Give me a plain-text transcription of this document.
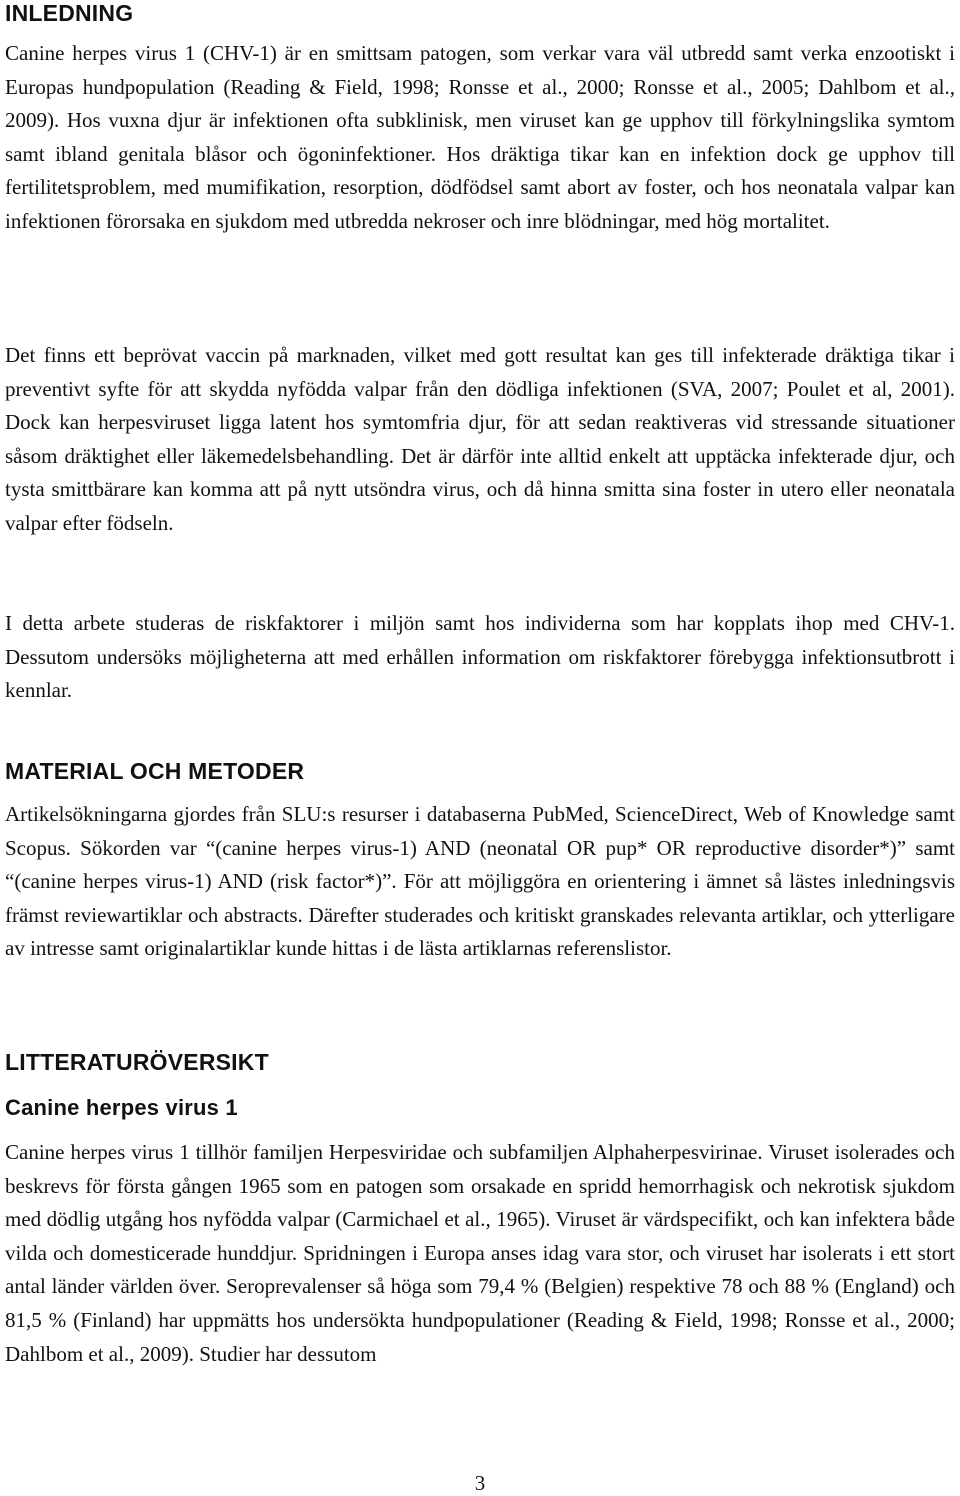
INLEDNING

Canine herpes virus 1 (CHV-1) är en smittsam patogen, som verkar vara väl utbredd samt verka enzootiskt i Europas hundpopulation (Reading & Field, 1998; Ronsse et al., 2000; Ronsse et al., 2005; Dahlbom et al., 2009). Hos vuxna djur är infektionen ofta subklinisk, men viruset kan ge upphov till förkylningslika symtom samt ibland genitala blåsor och ögoninfektioner. Hos dräktiga tikar kan en infektion dock ge upphov till fertilitetsproblem, med mumifikation, resorption, dödfödsel samt abort av foster, och hos neonatala valpar kan infektionen förorsaka en sjukdom med utbredda nekroser och inre blödningar, med hög mortalitet.

Det finns ett beprövat vaccin på marknaden, vilket med gott resultat kan ges till infekterade dräktiga tikar i preventivt syfte för att skydda nyfödda valpar från den dödliga infektionen (SVA, 2007; Poulet et al, 2001). Dock kan herpesviruset ligga latent hos symtomfria djur, för att sedan reaktiveras vid stressande situationer såsom dräktighet eller läkemedelsbehandling. Det är därför inte alltid enkelt att upptäcka infekterade djur, och tysta smittbärare kan komma att på nytt utsöndra virus, och då hinna smitta sina foster in utero eller neonatala valpar efter födseln.

I detta arbete studeras de riskfaktorer i miljön samt hos individerna som har kopplats ihop med CHV-1. Dessutom undersöks möjligheterna att med erhållen information om riskfaktorer förebygga infektionsutbrott i kennlar.

MATERIAL OCH METODER

Artikelsökningarna gjordes från SLU:s resurser i databaserna PubMed, ScienceDirect, Web of Knowledge samt Scopus. Sökorden var “(canine herpes virus-1) AND (neonatal OR pup* OR reproductive disorder*)” samt “(canine herpes virus-1) AND (risk factor*)”. För att möjliggöra en orientering i ämnet så lästes inledningsvis främst reviewartiklar och abstracts. Därefter studerades och kritiskt granskades relevanta artiklar, och ytterligare av intresse samt originalartiklar kunde hittas i de lästa artiklarnas referenslistor.

LITTERATURÖVERSIKT
Canine herpes virus 1

Canine herpes virus 1 tillhör familjen Herpesviridae och subfamiljen Alphaherpesvirinae. Viruset isolerades och beskrevs för första gången 1965 som en patogen som orsakade en spridd hemorrhagisk och nekrotisk sjukdom med dödlig utgång hos nyfödda valpar (Carmichael et al., 1965). Viruset är värdspecifikt, och kan infektera både vilda och domesticerade hunddjur. Spridningen i Europa anses idag vara stor, och viruset har isolerats i ett stort antal länder världen över. Seroprevalenser så höga som 79,4 % (Belgien) respektive 78 och 88 % (England) och 81,5 % (Finland) har uppmätts hos undersökta hundpopulationer (Reading & Field, 1998; Ronsse et al., 2000; Dahlbom et al., 2009). Studier har dessutom

3
